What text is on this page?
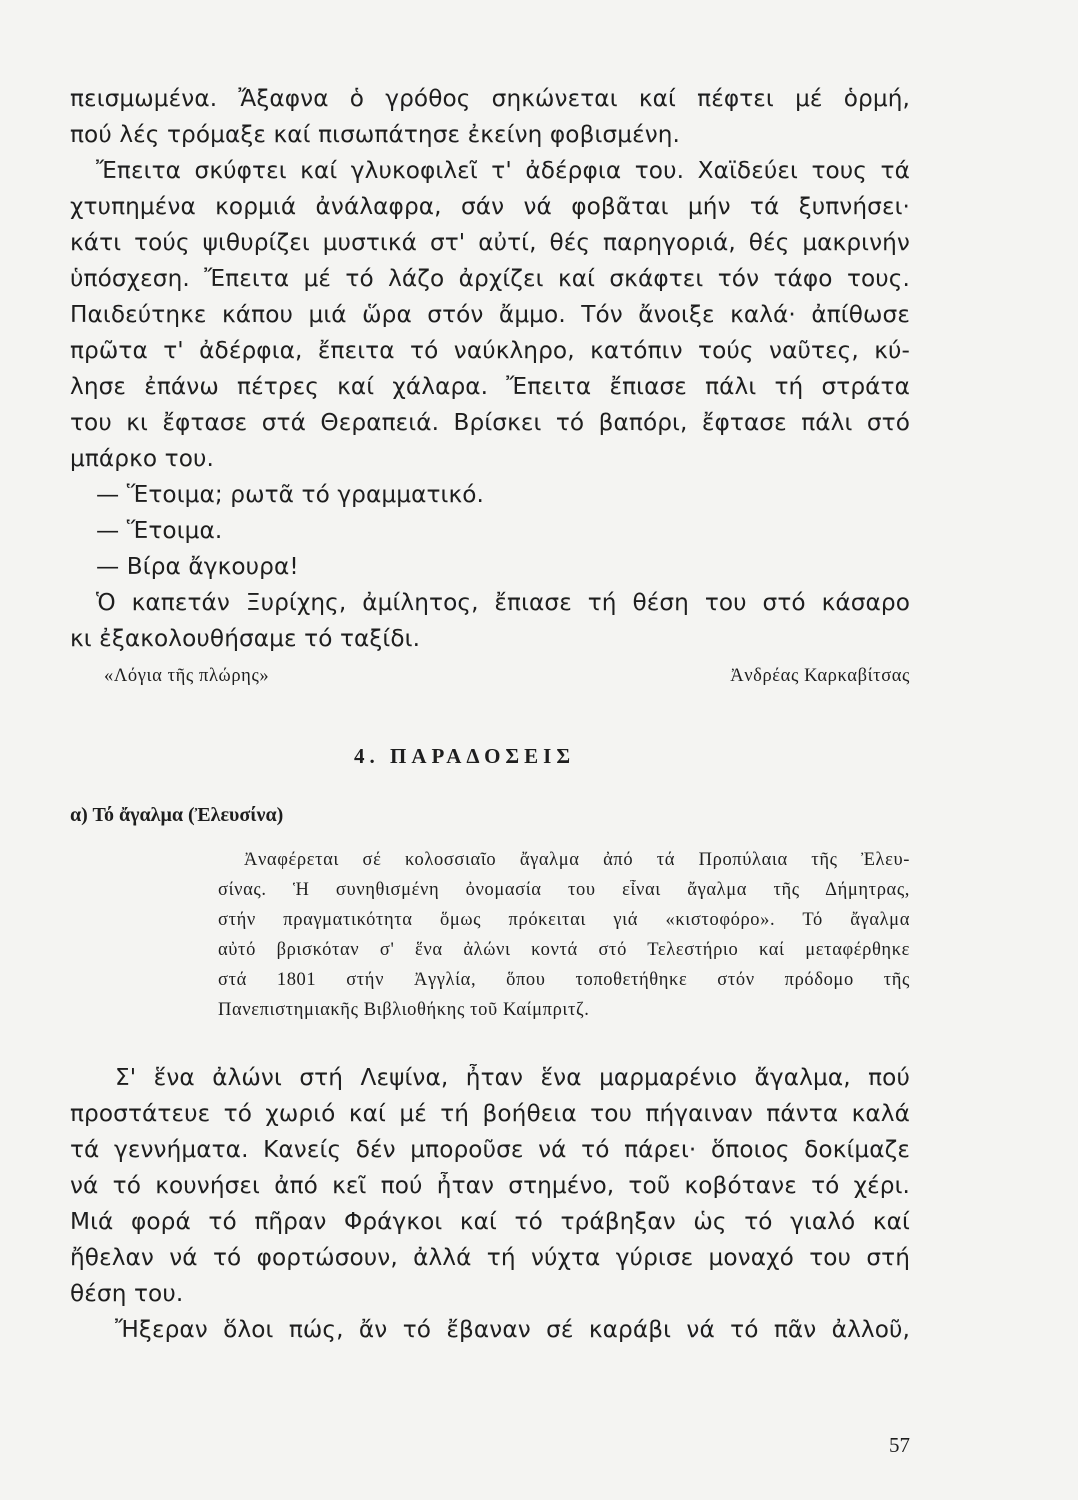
πεισμωμένα. Ἄξαφνα ὁ γρόθος σηκώνεται καί πέφτει μέ ὁρμή,

πού λές τρόμαξε καί πισωπάτησε ἐκείνη φοβισμένη.

Ἔπειτα σκύφτει καί γλυκοφιλεῖ τ' ἀδέρφια του. Χαϊδεύει τους τά

χτυπημένα κορμιά ἀνάλαφρα, σάν νά φοβᾶται μήν τά ξυπνήσει·

κάτι τούς ψιθυρίζει μυστικά στ' αὐτί, θές παρηγοριά, θές μακρινήν

ὑπόσχεση. Ἔπειτα μέ τό λάζο ἀρχίζει καί σκάφτει τόν τάφο τους.

Παιδεύτηκε κάπου μιά ὥρα στόν ἄμμο. Τόν ἄνοιξε καλά· ἀπίθωσε

πρῶτα τ' ἀδέρφια, ἔπειτα τό ναύκληρο, κατόπιν τούς ναῦτες, κύ-

λησε ἐπάνω πέτρες καί χάλαρα. Ἔπειτα ἔπιασε πάλι τή στράτα

του κι ἔφτασε στά Θεραπειά. Βρίσκει τό βαπόρι, ἔφτασε πάλι στό

μπάρκο του.

— Ἕτοιμα; ρωτᾶ τό γραμματικό.

— Ἕτοιμα.

— Βίρα ἄγκουρα!

Ὁ καπετάν Ξυρίχης, ἀμίλητος, ἔπιασε τή θέση του στό κάσαρο

κι ἐξακολουθήσαμε τό ταξίδι.

«Λόγια τῆς πλώρης»	Ἀνδρέας Καρκαβίτσας

4. ΠΑΡΑΔΟΣΕΙΣ

α) Τό ἄγαλμα (Ἐλευσίνα)

Ἀναφέρεται σέ κολοσσιαῖο ἄγαλμα ἀπό τά Προπύλαια τῆς Ἐλευ-

σίνας. Ἡ συνηθισμένη ὀνομασία του εἶναι ἄγαλμα τῆς Δήμητρας,

στήν πραγματικότητα ὅμως πρόκειται γιά «κιστοφόρο». Τό ἄγαλμα

αὐτό βρισκόταν σ' ἕνα ἀλώνι κοντά στό Τελεστήριο καί μεταφέρθηκε

στά 1801 στήν Ἀγγλία, ὅπου τοποθετήθηκε στόν πρόδομο τῆς

Πανεπιστημιακῆς Βιβλιοθήκης τοῦ Καίμπριτζ.

Σ' ἕνα ἀλώνι στή Λεψίνα, ἦταν ἕνα μαρμαρένιο ἄγαλμα, πού

προστάτευε τό χωριό καί μέ τή βοήθεια του πήγαιναν πάντα καλά

τά γεννήματα. Κανείς δέν μποροῦσε νά τό πάρει· ὅποιος δοκίμαζε

νά τό κουνήσει ἀπό κεῖ πού ἦταν στημένο, τοῦ κοβότανε τό χέρι.

Μιά φορά τό πῆραν Φράγκοι καί τό τράβηξαν ὡς τό γιαλό καί

ἤθελαν νά τό φορτώσουν, ἀλλά τή νύχτα γύρισε μοναχό του στή

θέση του.

Ἤξεραν ὅλοι πώς, ἄν τό ἔβαναν σέ καράβι νά τό πᾶν ἀλλοῦ,

57
